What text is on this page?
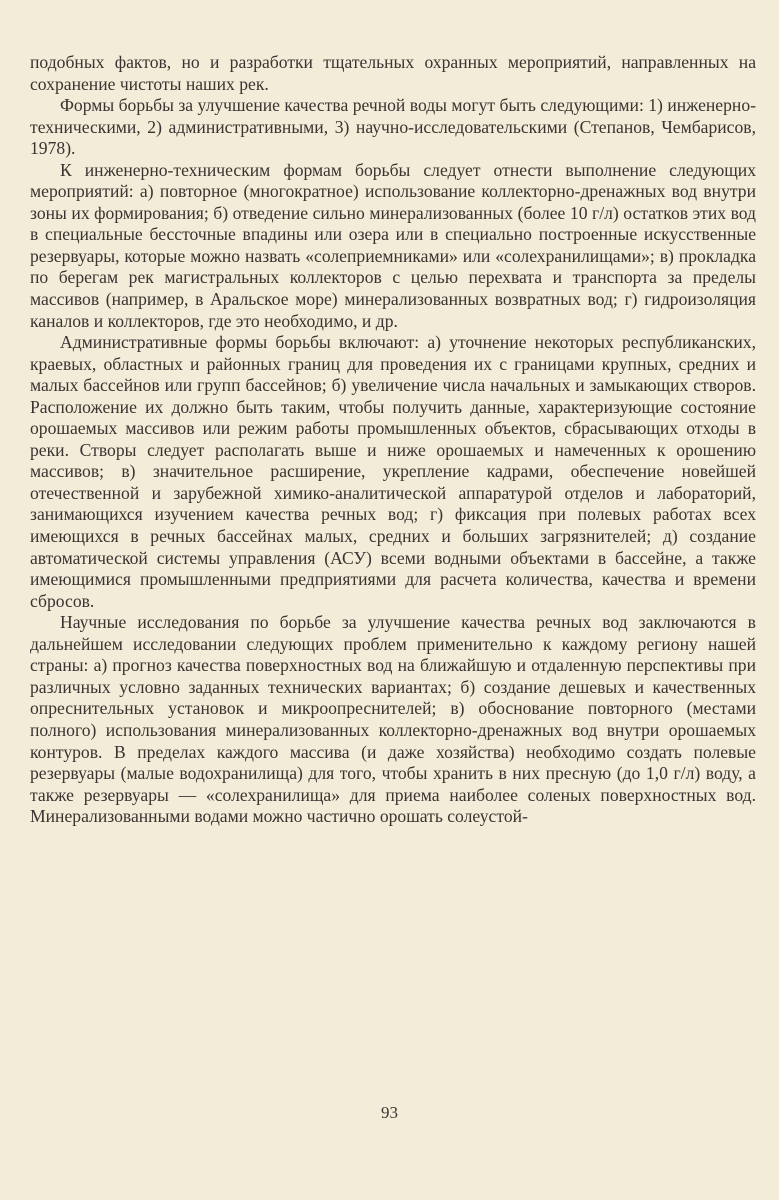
подобных фактов, но и разработки тщательных охранных мероприятий, направленных на сохранение чистоты наших рек.

Формы борьбы за улучшение качества речной воды могут быть следующими: 1) инженерно-техническими, 2) административными, 3) научно-исследовательскими (Степанов, Чембарисов, 1978).

К инженерно-техническим формам борьбы следует отнести выполнение следующих мероприятий: а) повторное (многократное) использование коллекторно-дренажных вод внутри зоны их формирования; б) отведение сильно минерализованных (более 10 г/л) остатков этих вод в специальные бессточные впадины или озера или в специально построенные искусственные резервуары, которые можно назвать «солеприемниками» или «солехранилищами»; в) прокладка по берегам рек магистральных коллекторов с целью перехвата и транспорта за пределы массивов (например, в Аральское море) минерализованных возвратных вод; г) гидроизоляция каналов и коллекторов, где это необходимо, и др.

Административные формы борьбы включают: а) уточнение некоторых республиканских, краевых, областных и районных границ для проведения их с границами крупных, средних и малых бассейнов или групп бассейнов; б) увеличение числа начальных и замыкающих створов. Расположение их должно быть таким, чтобы получить данные, характеризующие состояние орошаемых массивов или режим работы промышленных объектов, сбрасывающих отходы в реки. Створы следует располагать выше и ниже орошаемых и намеченных к орошению массивов; в) значительное расширение, укрепление кадрами, обеспечение новейшей отечественной и зарубежной химико-аналитической аппаратурой отделов и лабораторий, занимающихся изучением качества речных вод; г) фиксация при полевых работах всех имеющихся в речных бассейнах малых, средних и больших загрязнителей; д) создание автоматической системы управления (АСУ) всеми водными объектами в бассейне, а также имеющимися промышленными предприятиями для расчета количества, качества и времени сбросов.

Научные исследования по борьбе за улучшение качества речных вод заключаются в дальнейшем исследовании следующих проблем применительно к каждому региону нашей страны: а) прогноз качества поверхностных вод на ближайшую и отдаленную перспективы при различных условно заданных технических вариантах; б) создание дешевых и качественных опреснительных установок и микроопреснителей; в) обоснование повторного (местами полного) использования минерализованных коллекторно-дренажных вод внутри орошаемых контуров. В пределах каждого массива (и даже хозяйства) необходимо создать полевые резервуары (малые водохранилища) для того, чтобы хранить в них пресную (до 1,0 г/л) воду, а также резервуары — «солехранилища» для приема наиболее соленых поверхностных вод. Минерализованными водами можно частично орошать солеустой-

93
